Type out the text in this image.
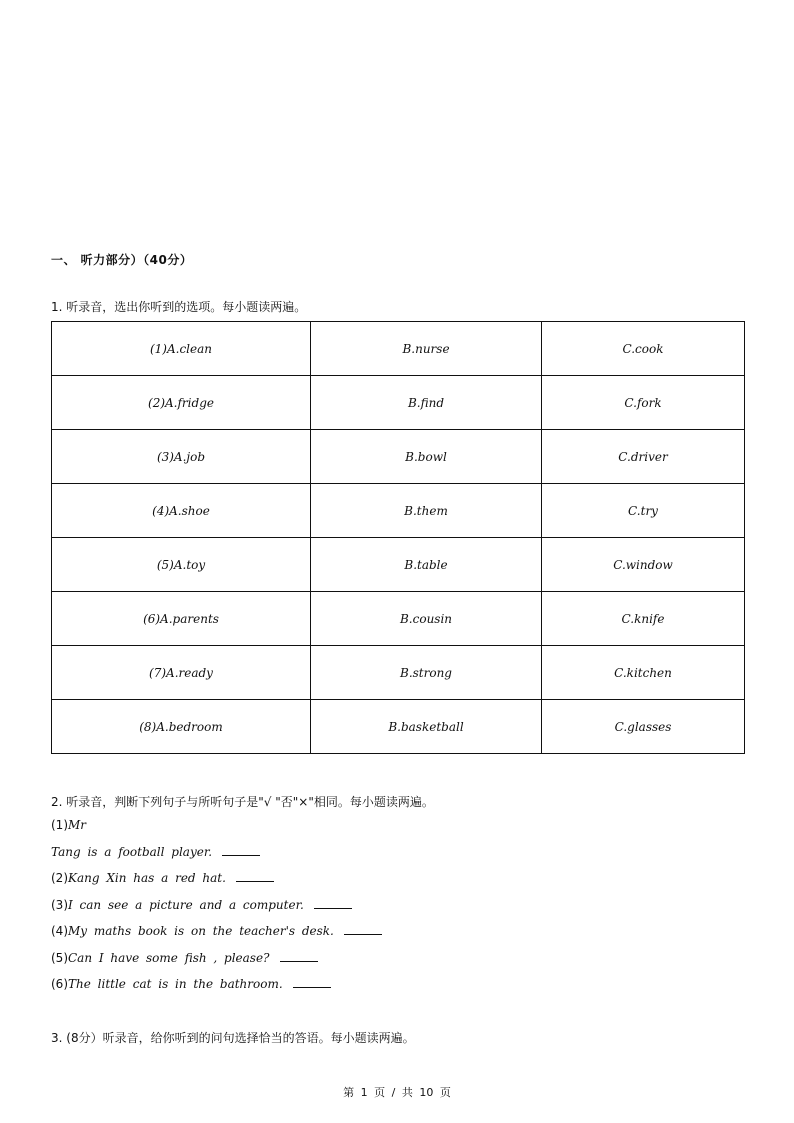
一、 听力部分）（40分）
1. 听录音，选出你听到的选项。每小题读两遍。
(1)A.clean	B.nurse	C.cook
(2)A.fridge	B.find	C.fork
(3)A.job	B.bowl	C.driver
(4)A.shoe	B.them	C.try
(5)A.toy	B.table	C.window
(6)A.parents	B.cousin	C.knife
(7)A.ready	B.strong	C.kitchen
(8)A.bedroom	B.basketball	C.glasses
2. 听录音，判断下列句子与所听句子是"√ "否"×"相同。每小题读两遍。
(1)Mr
Tang is a football player.
(2)Kang Xin has a red hat.
(3)I can see a picture and a computer.
(4)My maths book is on the teacher's desk.
(5)Can I have some fish , please?
(6)The little cat is in the bathroom.
3. (8分）听录音，给你听到的问句选择恰当的答语。每小题读两遍。
第 1 页 / 共 10 页
